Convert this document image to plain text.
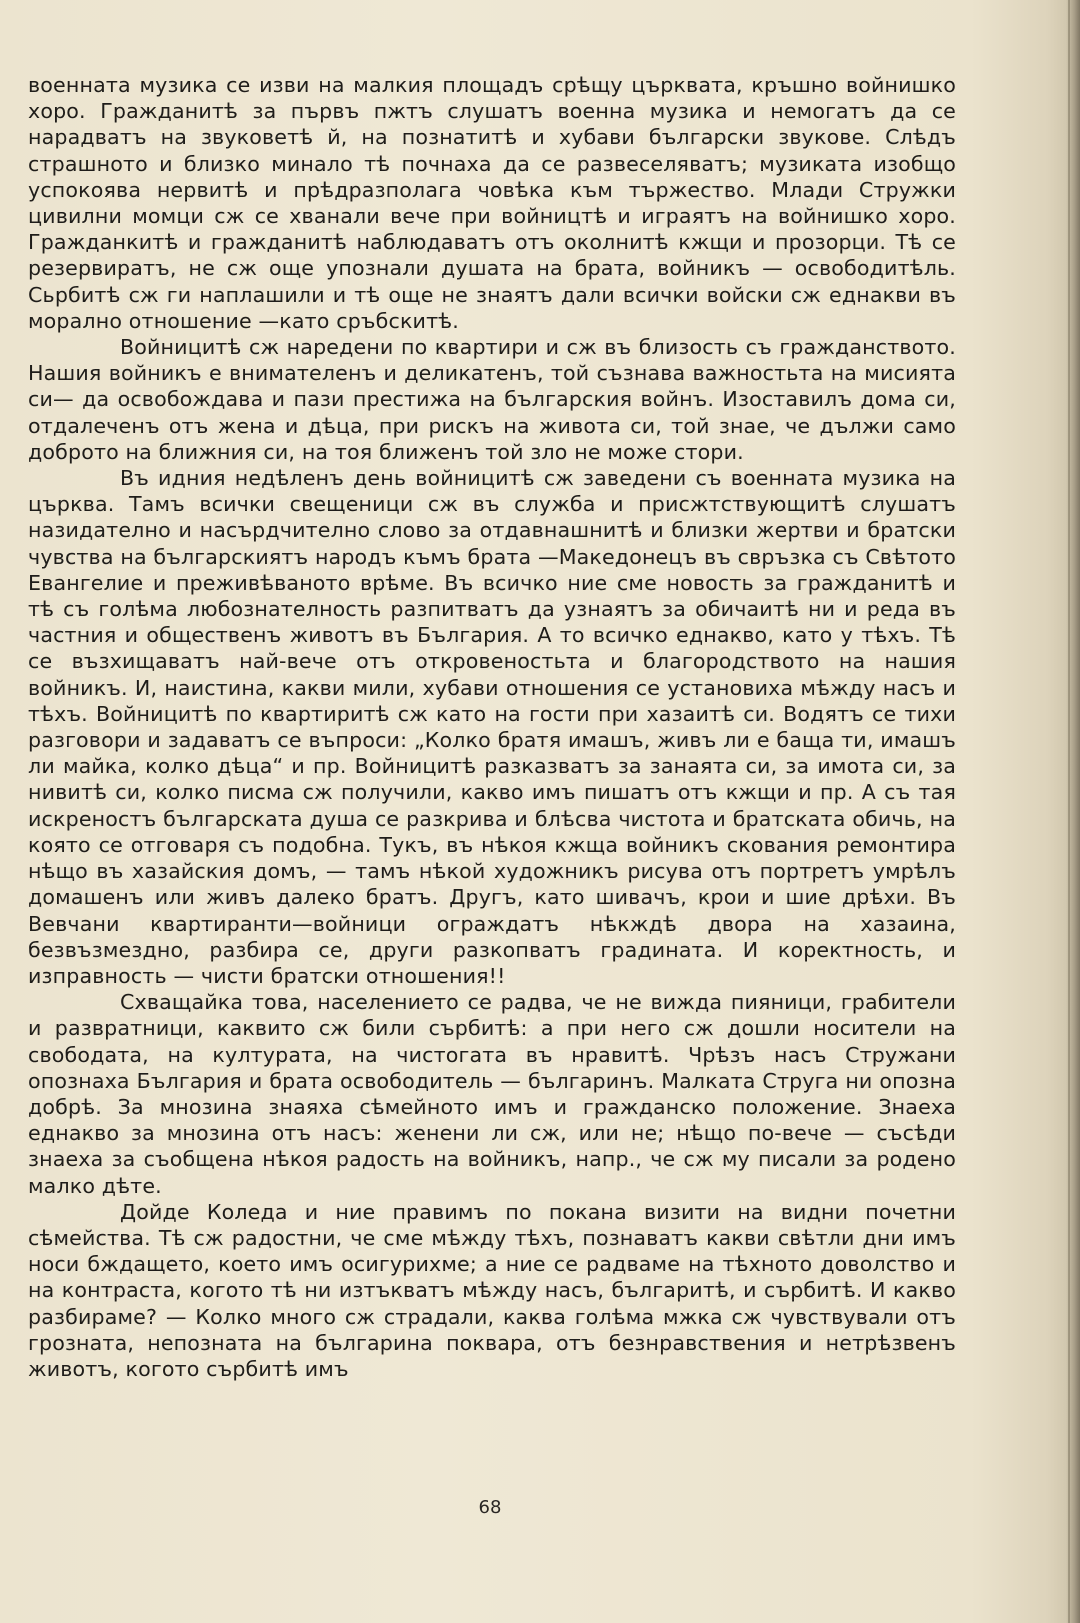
военната музика се изви на малкия площадъ срѣщу църквата, кръшно войнишко хоро. Гражданитѣ за първъ пжтъ слушатъ военна музика и немогатъ да се нарадватъ на звуковетѣ й, на познатитѣ и хубави български звукове. Слѣдъ страшното и близко минало тѣ почнаха да се развеселяватъ; музиката изобщо успокоява нервитѣ и прѣдразполага човѣка към тържество. Млади Стружки цивилни момци сж се хванали вече при войництѣ и играятъ на войнишко хоро. Гражданкитѣ и гражданитѣ наблюдаватъ отъ околнитѣ кжщи и прозорци. Тѣ се резервиратъ, не сж още упознали душата на брата, войникъ — освободитѣль. Сьрбитѣ сж ги наплашили и тѣ още не знаятъ дали всички войски сж еднакви въ морално отношение —като сръбскитѣ.

Войницитѣ сж наредени по квартири и сж въ близость съ гражданството. Нашия войникъ е внимателенъ и деликатенъ, той съзнава важностьта на мисията си— да освобождава и пази престижа на българския войнъ. Изоставилъ дома си, отдалеченъ отъ жена и дѣца, при рискъ на живота си, той знае, че дължи само доброто на ближния си, на тоя ближенъ той зло не може стори.

Въ идния недѣленъ день войницитѣ сж заведени съ военната музика на църква. Тамъ всички свещеници сж въ служба и присжтствующитѣ слушатъ назидателно и насърдчително слово за отдавнашнитѣ и близки жертви и братски чувства на българскиятъ народъ къмъ брата —Македонецъ въ свръзка съ Свѣтото Евангелие и преживѣваното врѣме. Въ всичко ние сме новость за гражданитѣ и тѣ съ голѣма любознателность разпитватъ да узнаятъ за обичаитѣ ни и реда въ частния и общественъ животъ въ България. А то всичко еднакво, като у тѣхъ. Тѣ се възхищаватъ най-вече отъ откровеностьта и благородството на нашия войникъ. И, наистина, какви мили, хубави отношения се установиха мѣжду насъ и тѣхъ. Войницитѣ по квартиритѣ сж като на гости при хазаитѣ си. Водятъ се тихи разговори и задаватъ се въпроси: „Колко братя имашъ, живъ ли е баща ти, имашъ ли майка, колко дѣца“ и пр. Войницитѣ разказватъ за занаята си, за имота си, за нивитѣ си, колко писма сж получили, какво имъ пишатъ отъ кжщи и пр. А съ тая искреностъ българската душа се разкрива и блѣсва чистота и братската обичь, на която се отговаря съ подобна. Тукъ, въ нѣкоя кжща войникъ скования ремонтира нѣщо въ хазайския домъ, — тамъ нѣкой художникъ рисува отъ портретъ умрѣлъ домашенъ или живъ далеко братъ. Другъ, като шивачъ, крои и шие дрѣхи. Въ Вевчани квартиранти—войници ограждатъ нѣкждѣ двора на хазаина, безвъзмездно, разбира се, други разкопватъ градината. И коректность, и изправность — чисти братски отношения!!

Схващайка това, населението се радва, че не вижда пияници, грабители и развратници, каквито сж били сърбитѣ: а при него сж дошли носители на свободата, на културата, на чистогата въ нравитѣ. Чрѣзъ насъ Стружани опознаха България и брата освободитель — българинъ. Малката Струга ни опозна добрѣ. За мнозина знаяха сѣмейното имъ и гражданско положение. Знаеха еднакво за мнозина отъ насъ: женени ли сж, или не; нѣщо по-вече — съсѣди знаеха за съобщена нѣкоя радость на войникъ, напр., че сж му писали за родено малко дѣте.

Дойде Коледа и ние правимъ по покана визити на видни почетни сѣмейства. Тѣ сж радостни, че сме мѣжду тѣхъ, познаватъ какви свѣтли дни имъ носи бждащето, което имъ осигурихме; а ние се радваме на тѣхното доволство и на контраста, когото тѣ ни изтъкватъ мѣжду насъ, българитѣ, и сърбитѣ. И какво разбираме? — Колко много сж страдали, каква голѣма мжка сж чувствували отъ грозната, непозната на българина поквара, отъ безнравствения и нетрѣзвенъ животъ, когото сърбитѣ имъ

68
